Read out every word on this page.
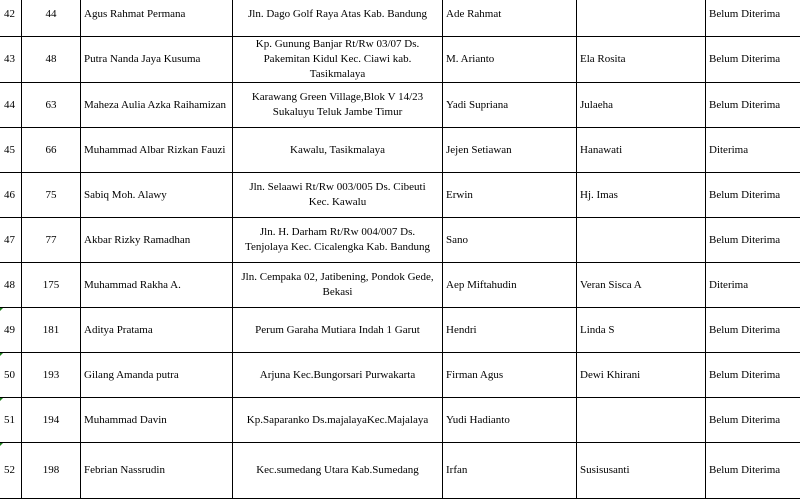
42	44	Agus Rahmat Permana	Jln. Dago Golf Raya Atas Kab. Bandung	Ade Rahmat		Belum Diterima
43	48	Putra Nanda Jaya Kusuma	Kp. Gunung Banjar Rt/Rw 03/07 Ds. Pakemitan Kidul Kec. Ciawi kab. Tasikmalaya	M. Arianto	Ela Rosita	Belum Diterima
44	63	Maheza Aulia Azka Raihamizan	Karawang Green Village,Blok V 14/23 Sukaluyu Teluk Jambe Timur	Yadi Supriana	Julaeha	Belum Diterima
45	66	Muhammad Albar Rizkan Fauzi	Kawalu, Tasikmalaya	Jejen Setiawan	Hanawati	Diterima
46	75	Sabiq Moh. Alawy	Jln. Selaawi Rt/Rw 003/005 Ds. Cibeuti Kec. Kawalu	Erwin	Hj. Imas	Belum Diterima
47	77	Akbar Rizky Ramadhan	Jln. H. Darham Rt/Rw 004/007 Ds. Tenjolaya Kec. Cicalengka Kab. Bandung	Sano		Belum Diterima
48	175	Muhammad Rakha A.	Jln. Cempaka 02, Jatibening, Pondok Gede, Bekasi	Aep Miftahudin	Veran Sisca A	Diterima

49	181	Aditya Pratama	Perum Garaha Mutiara Indah 1 Garut	Hendri	Linda S	Belum Diterima

50	193	Gilang Amanda putra	Arjuna Kec.Bungorsari Purwakarta	Firman Agus	Dewi Khirani	Belum Diterima

51	194	Muhammad Davin	Kp.Saparanko Ds.majalayaKec.Majalaya	Yudi Hadianto		Belum Diterima

52	198	Febrian Nassrudin	Kec.sumedang Utara Kab.Sumedang	Irfan	Susisusanti	Belum Diterima
